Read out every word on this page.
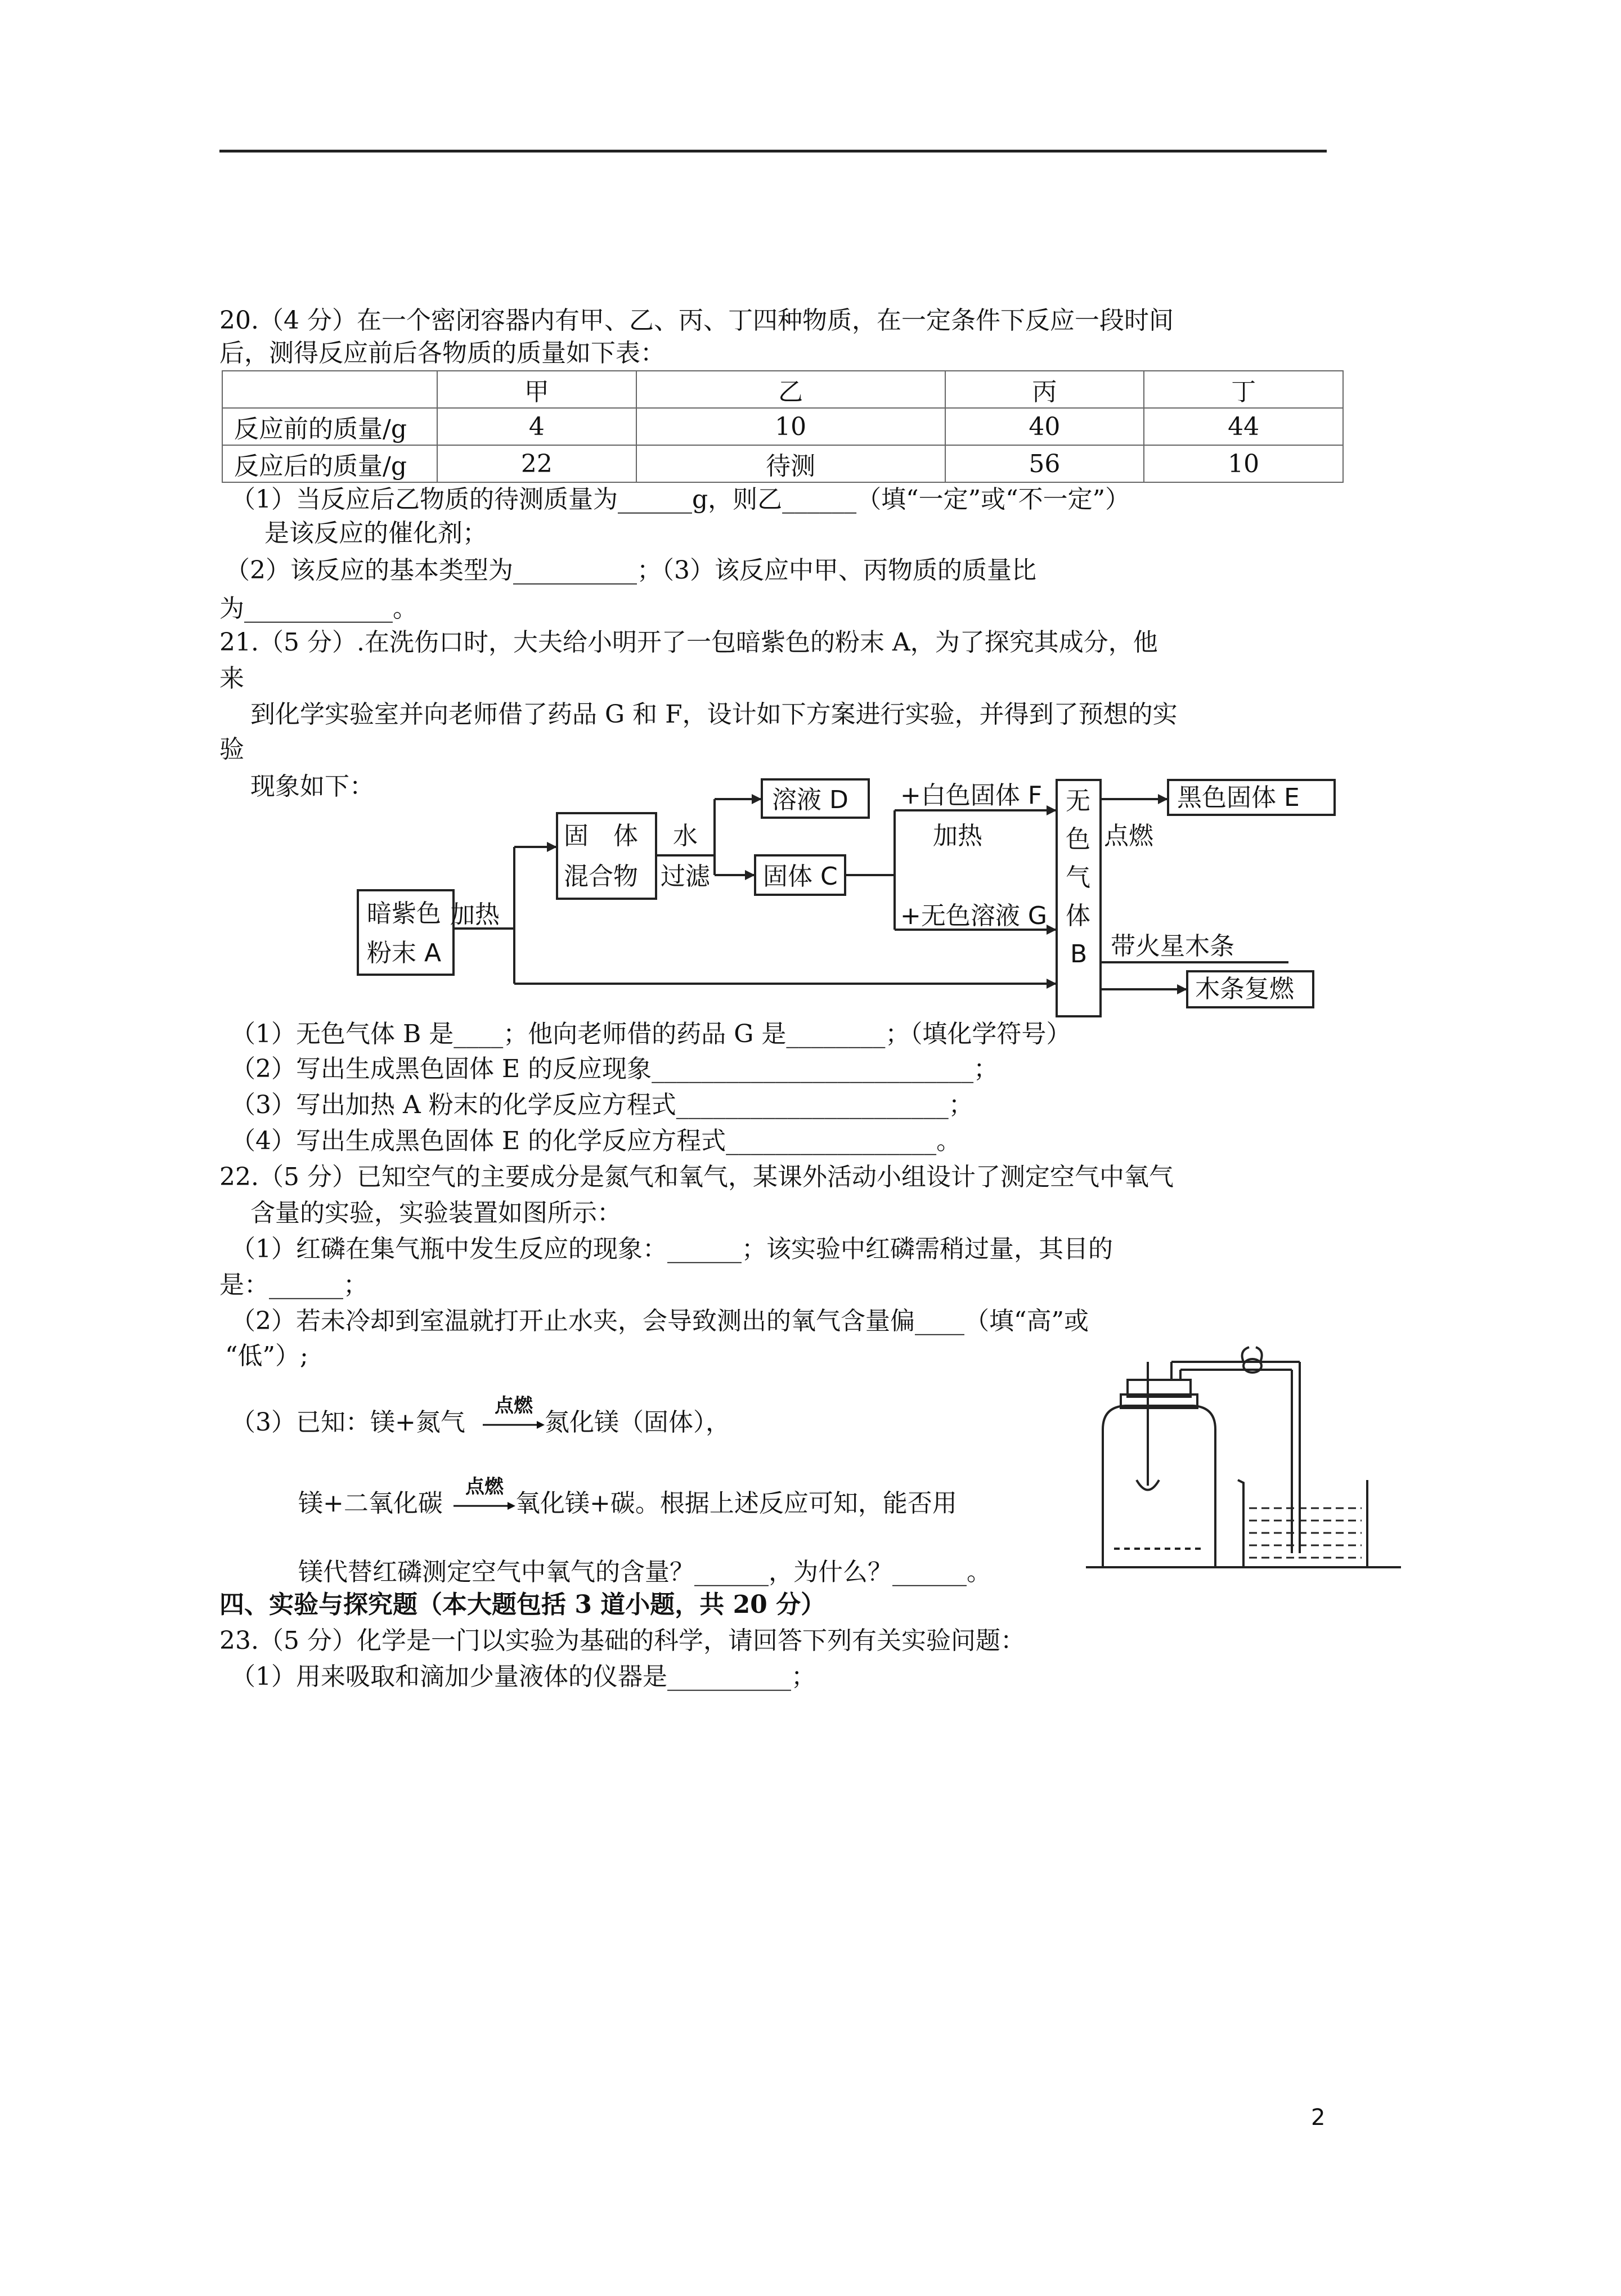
20.（4 分）在一个密闭容器内有甲、乙、丙、丁四种物质，在一定条件下反应一段时间
后，测得反应前后各物质的质量如下表：
	甲	乙	丙	丁
反应前的质量/g	4	10	40	44
反应后的质量/g	22	待测	56	10
（1）当反应后乙物质的待测质量为______g，则乙______（填“一定”或“不一定”）
是该反应的催化剂；
（2）该反应的基本类型为__________；（3）该反应中甲、丙物质的质量比
为____________。
21.（5 分）.在洗伤口时，大夫给小明开了一包暗紫色的粉末 A，为了探究其成分，他
来
到化学实验室并向老师借了药品 G 和 F，设计如下方案进行实验，并得到了预想的实
验
现象如下：
暗紫色
粉末 A
加热
固　体
混合物
水
过滤
溶液 D
固体 C
+白色固体 F
加热
+无色溶液 G
无
色
气
体
B
点燃
黑色固体 E
带火星木条
木条复燃
（1）无色气体 B 是____；他向老师借的药品 G 是________；（填化学符号）
（2）写出生成黑色固体 E 的反应现象__________________________；
（3）写出加热 A 粉末的化学反应方程式______________________；
（4）写出生成黑色固体 E 的化学反应方程式_________________。
22.（5 分）已知空气的主要成分是氮气和氧气，某课外活动小组设计了测定空气中氧气
含量的实验，实验装置如图所示：
（1）红磷在集气瓶中发生反应的现象：______；该实验中红磷需稍过量，其目的
是：______；
（2）若未冷却到室温就打开止水夹，会导致测出的氧气含量偏____（填“高”或
“低”）;
（3）已知：镁+氮气
点燃
氮化镁（固体），
镁+二氧化碳
点燃
氧化镁+碳。根据上述反应可知，能否用
镁代替红磷测定空气中氧气的含量？______，为什么？______。
四、实验与探究题（本大题包括 3 道小题，共 20 分）
23.（5 分）化学是一门以实验为基础的科学，请回答下列有关实验问题：
（1）用来吸取和滴加少量液体的仪器是__________；
2
